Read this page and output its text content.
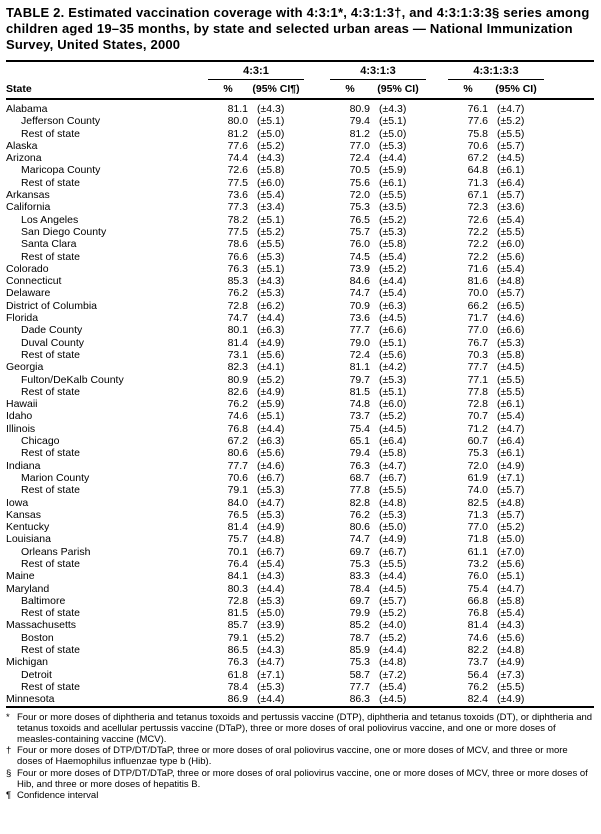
TABLE 2. Estimated vaccination coverage with 4:3:1*, 4:3:1:3†, and 4:3:1:3:3§ series among children aged 19–35 months, by state and selected urban areas — National Immunization Survey, United States, 2000
	4:3:1			4:3:1:3			4:3:1:3:3		
State	%	(95% CI¶)		%	(95% CI)		%	(95% CI)	
Alabama	81.1	(±4.3)		80.9	(±4.3)		76.1	(±4.7)	
Jefferson County	80.0	(±5.1)		79.4	(±5.1)		77.6	(±5.2)	
Rest of state	81.2	(±5.0)		81.2	(±5.0)		75.8	(±5.5)	
Alaska	77.6	(±5.2)		77.0	(±5.3)		70.6	(±5.7)	
Arizona	74.4	(±4.3)		72.4	(±4.4)		67.2	(±4.5)	
Maricopa County	72.6	(±5.8)		70.5	(±5.9)		64.8	(±6.1)	
Rest of state	77.5	(±6.0)		75.6	(±6.1)		71.3	(±6.4)	
Arkansas	73.6	(±5.4)		72.0	(±5.5)		67.1	(±5.7)	
California	77.3	(±3.4)		75.3	(±3.5)		72.3	(±3.6)	
Los Angeles	78.2	(±5.1)		76.5	(±5.2)		72.6	(±5.4)	
San Diego County	77.5	(±5.2)		75.7	(±5.3)		72.2	(±5.5)	
Santa Clara	78.6	(±5.5)		76.0	(±5.8)		72.2	(±6.0)	
Rest of state	76.6	(±5.3)		74.5	(±5.4)		72.2	(±5.6)	
Colorado	76.3	(±5.1)		73.9	(±5.2)		71.6	(±5.4)	
Connecticut	85.3	(±4.3)		84.6	(±4.4)		81.6	(±4.8)	
Delaware	76.2	(±5.3)		74.7	(±5.4)		70.0	(±5.7)	
District of Columbia	72.8	(±6.2)		70.9	(±6.3)		66.2	(±6.5)	
Florida	74.7	(±4.4)		73.6	(±4.5)		71.7	(±4.6)	
Dade County	80.1	(±6.3)		77.7	(±6.6)		77.0	(±6.6)	
Duval County	81.4	(±4.9)		79.0	(±5.1)		76.7	(±5.3)	
Rest of state	73.1	(±5.6)		72.4	(±5.6)		70.3	(±5.8)	
Georgia	82.3	(±4.1)		81.1	(±4.2)		77.7	(±4.5)	
Fulton/DeKalb County	80.9	(±5.2)		79.7	(±5.3)		77.1	(±5.5)	
Rest of state	82.6	(±4.9)		81.5	(±5.1)		77.8	(±5.5)	
Hawaii	76.2	(±5.9)		74.8	(±6.0)		72.8	(±6.1)	
Idaho	74.6	(±5.1)		73.7	(±5.2)		70.7	(±5.4)	
Illinois	76.8	(±4.4)		75.4	(±4.5)		71.2	(±4.7)	
Chicago	67.2	(±6.3)		65.1	(±6.4)		60.7	(±6.4)	
Rest of state	80.6	(±5.6)		79.4	(±5.8)		75.3	(±6.1)	
Indiana	77.7	(±4.6)		76.3	(±4.7)		72.0	(±4.9)	
Marion County	70.6	(±6.7)		68.7	(±6.7)		61.9	(±7.1)	
Rest of state	79.1	(±5.3)		77.8	(±5.5)		74.0	(±5.7)	
Iowa	84.0	(±4.7)		82.8	(±4.8)		82.5	(±4.8)	
Kansas	76.5	(±5.3)		76.2	(±5.3)		71.3	(±5.7)	
Kentucky	81.4	(±4.9)		80.6	(±5.0)		77.0	(±5.2)	
Louisiana	75.7	(±4.8)		74.7	(±4.9)		71.8	(±5.0)	
Orleans Parish	70.1	(±6.7)		69.7	(±6.7)		61.1	(±7.0)	
Rest of state	76.4	(±5.4)		75.3	(±5.5)		73.2	(±5.6)	
Maine	84.1	(±4.3)		83.3	(±4.4)		76.0	(±5.1)	
Maryland	80.3	(±4.4)		78.4	(±4.5)		75.4	(±4.7)	
Baltimore	72.8	(±5.3)		69.7	(±5.7)		66.8	(±5.8)	
Rest of state	81.5	(±5.0)		79.9	(±5.2)		76.8	(±5.4)	
Massachusetts	85.7	(±3.9)		85.2	(±4.0)		81.4	(±4.3)	
Boston	79.1	(±5.2)		78.7	(±5.2)		74.6	(±5.6)	
Rest of state	86.5	(±4.3)		85.9	(±4.4)		82.2	(±4.8)	
Michigan	76.3	(±4.7)		75.3	(±4.8)		73.7	(±4.9)	
Detroit	61.8	(±7.1)		58.7	(±7.2)		56.4	(±7.3)	
Rest of state	78.4	(±5.3)		77.7	(±5.4)		76.2	(±5.5)	
Minnesota	86.9	(±4.4)		86.3	(±4.5)		82.4	(±4.9)	
* Four or more doses of diphtheria and tetanus toxoids and pertussis vaccine (DTP), diphtheria and tetanus toxoids (DT), or diphtheria and tetanus toxoids and acellular pertussis vaccine (DTaP), three or more doses of oral poliovirus vaccine, and one or more doses of measles-containing vaccine (MCV).
† Four or more doses of DTP/DT/DTaP, three or more doses of oral poliovirus vaccine, one or more doses of MCV, and three or more doses of Haemophilus influenzae type b (Hib).
§ Four or more doses of DTP/DT/DTaP, three or more doses of oral poliovirus vaccine, one or more doses of MCV, three or more doses of Hib, and three or more doses of hepatitis B.
¶ Confidence interval
